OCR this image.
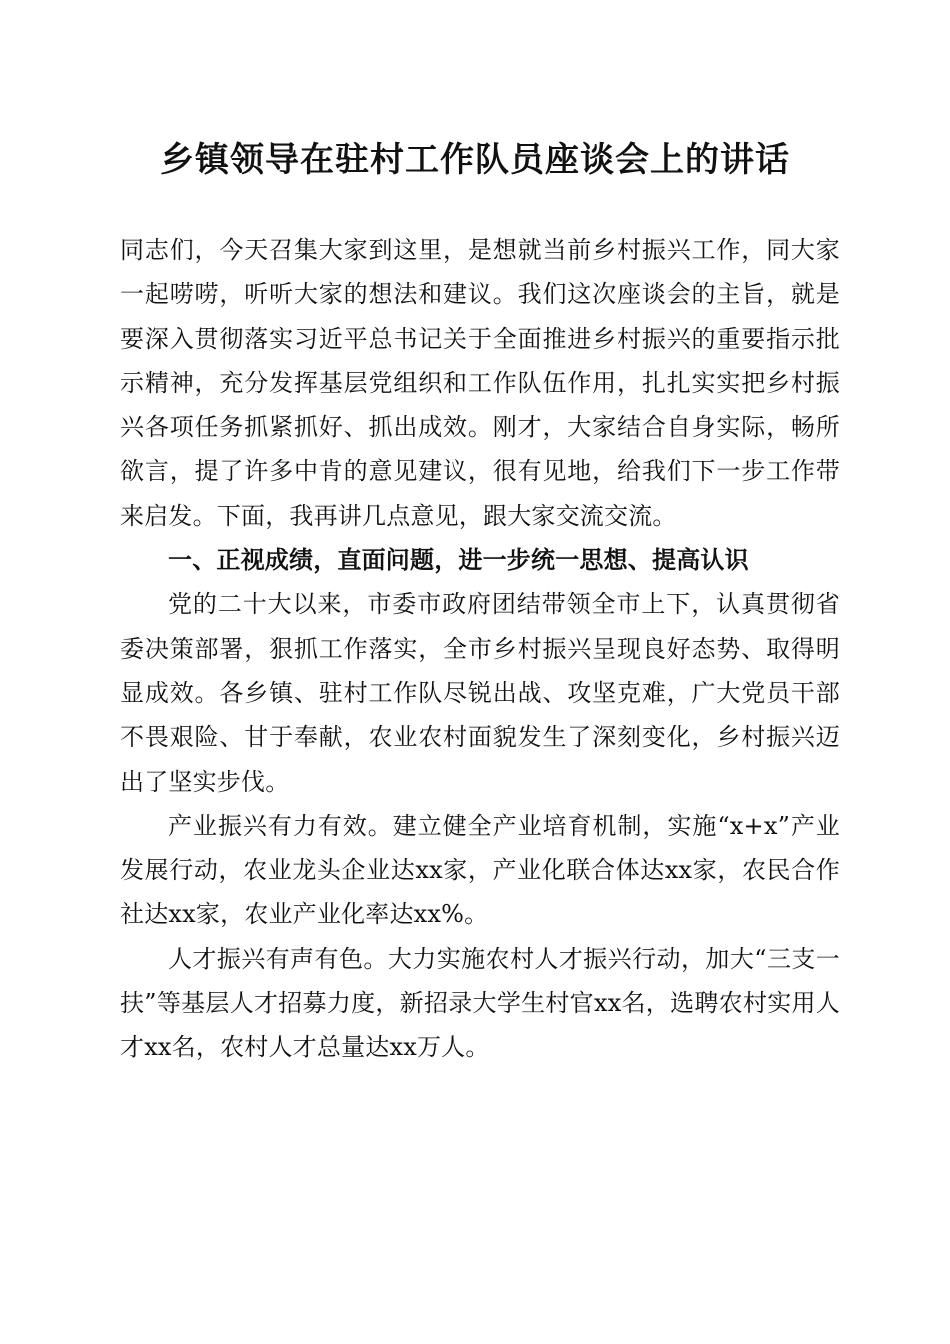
乡镇领导在驻村工作队员座谈会上的讲话

同志们，今天召集大家到这里，是想就当前乡村振兴工作，同大家一起唠唠，听听大家的想法和建议。我们这次座谈会的主旨，就是要深入贯彻落实习近平总书记关于全面推进乡村振兴的重要指示批示精神，充分发挥基层党组织和工作队伍作用，扎扎实实把乡村振兴各项任务抓紧抓好、抓出成效。刚才，大家结合自身实际，畅所欲言，提了许多中肯的意见建议，很有见地，给我们下一步工作带来启发。下面，我再讲几点意见，跟大家交流交流。

一、正视成绩，直面问题，进一步统一思想、提高认识

党的二十大以来，市委市政府团结带领全市上下，认真贯彻省委决策部署，狠抓工作落实，全市乡村振兴呈现良好态势、取得明显成效。各乡镇、驻村工作队尽锐出战、攻坚克难，广大党员干部不畏艰险、甘于奉献，农业农村面貌发生了深刻变化，乡村振兴迈出了坚实步伐。

产业振兴有力有效。建立健全产业培育机制，实施“x+x”产业发展行动，农业龙头企业达xx家，产业化联合体达xx家，农民合作社达xx家，农业产业化率达xx%。

人才振兴有声有色。大力实施农村人才振兴行动，加大“三支一扶”等基层人才招募力度，新招录大学生村官xx名，选聘农村实用人才xx名，农村人才总量达xx万人。
